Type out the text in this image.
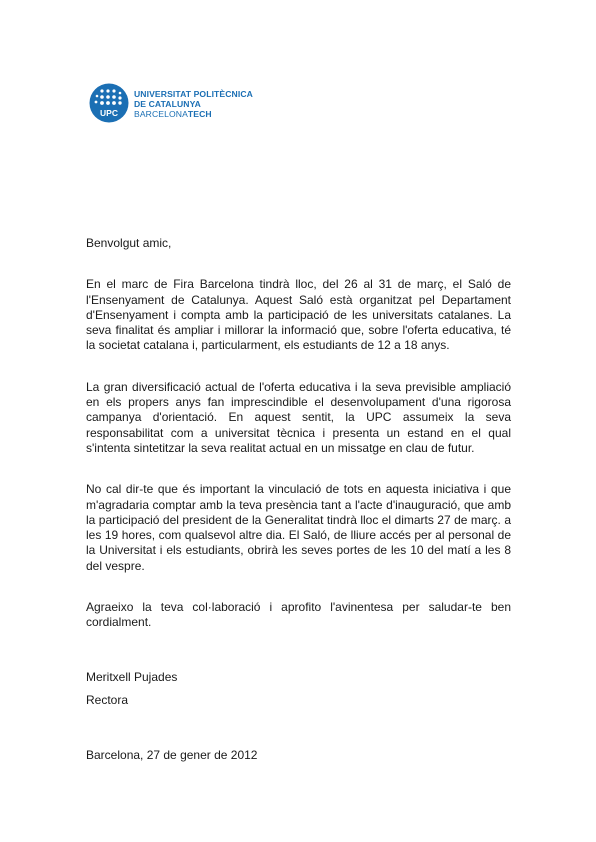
UPC
UNIVERSITAT POLITÈCNICA
DE CATALUNYA
BARCELONATECH

Benvolgut amic,

En el marc de Fira Barcelona tindrà lloc, del 26 al 31 de març, el Saló de l'Ensenyament de Catalunya. Aquest Saló està organitzat pel Departament d'Ensenyament i compta amb la participació de les universitats catalanes. La seva finalitat és ampliar i millorar la informació que, sobre l'oferta educativa, té la societat catalana i, particularment, els estudiants de 12 a 18 anys.

La gran diversificació actual de l'oferta educativa i la seva previsible ampliació en els propers anys fan imprescindible el desenvolupament d'una rigorosa campanya d'orientació. En aquest sentit, la UPC assumeix la seva responsabilitat com a universitat tècnica i presenta un estand en el qual s'intenta sintetitzar la seva realitat actual en un missatge en clau de futur.

No cal dir-te que és important la vinculació de tots en aquesta iniciativa i que m'agradaria comptar amb la teva presència tant a l'acte d'inauguració, que amb la participació del president de la Generalitat tindrà lloc el dimarts 27 de març. a les 19 hores, com qualsevol altre dia. El Saló, de lliure accés per al personal de la Universitat i els estudiants, obrirà les seves portes de les 10 del matí a les 8 del vespre.

Agraeixo la teva col·laboració i aprofito l'avinentesa per saludar-te ben cordialment.

Meritxell Pujades
Rectora
Barcelona, 27 de gener de 2012
